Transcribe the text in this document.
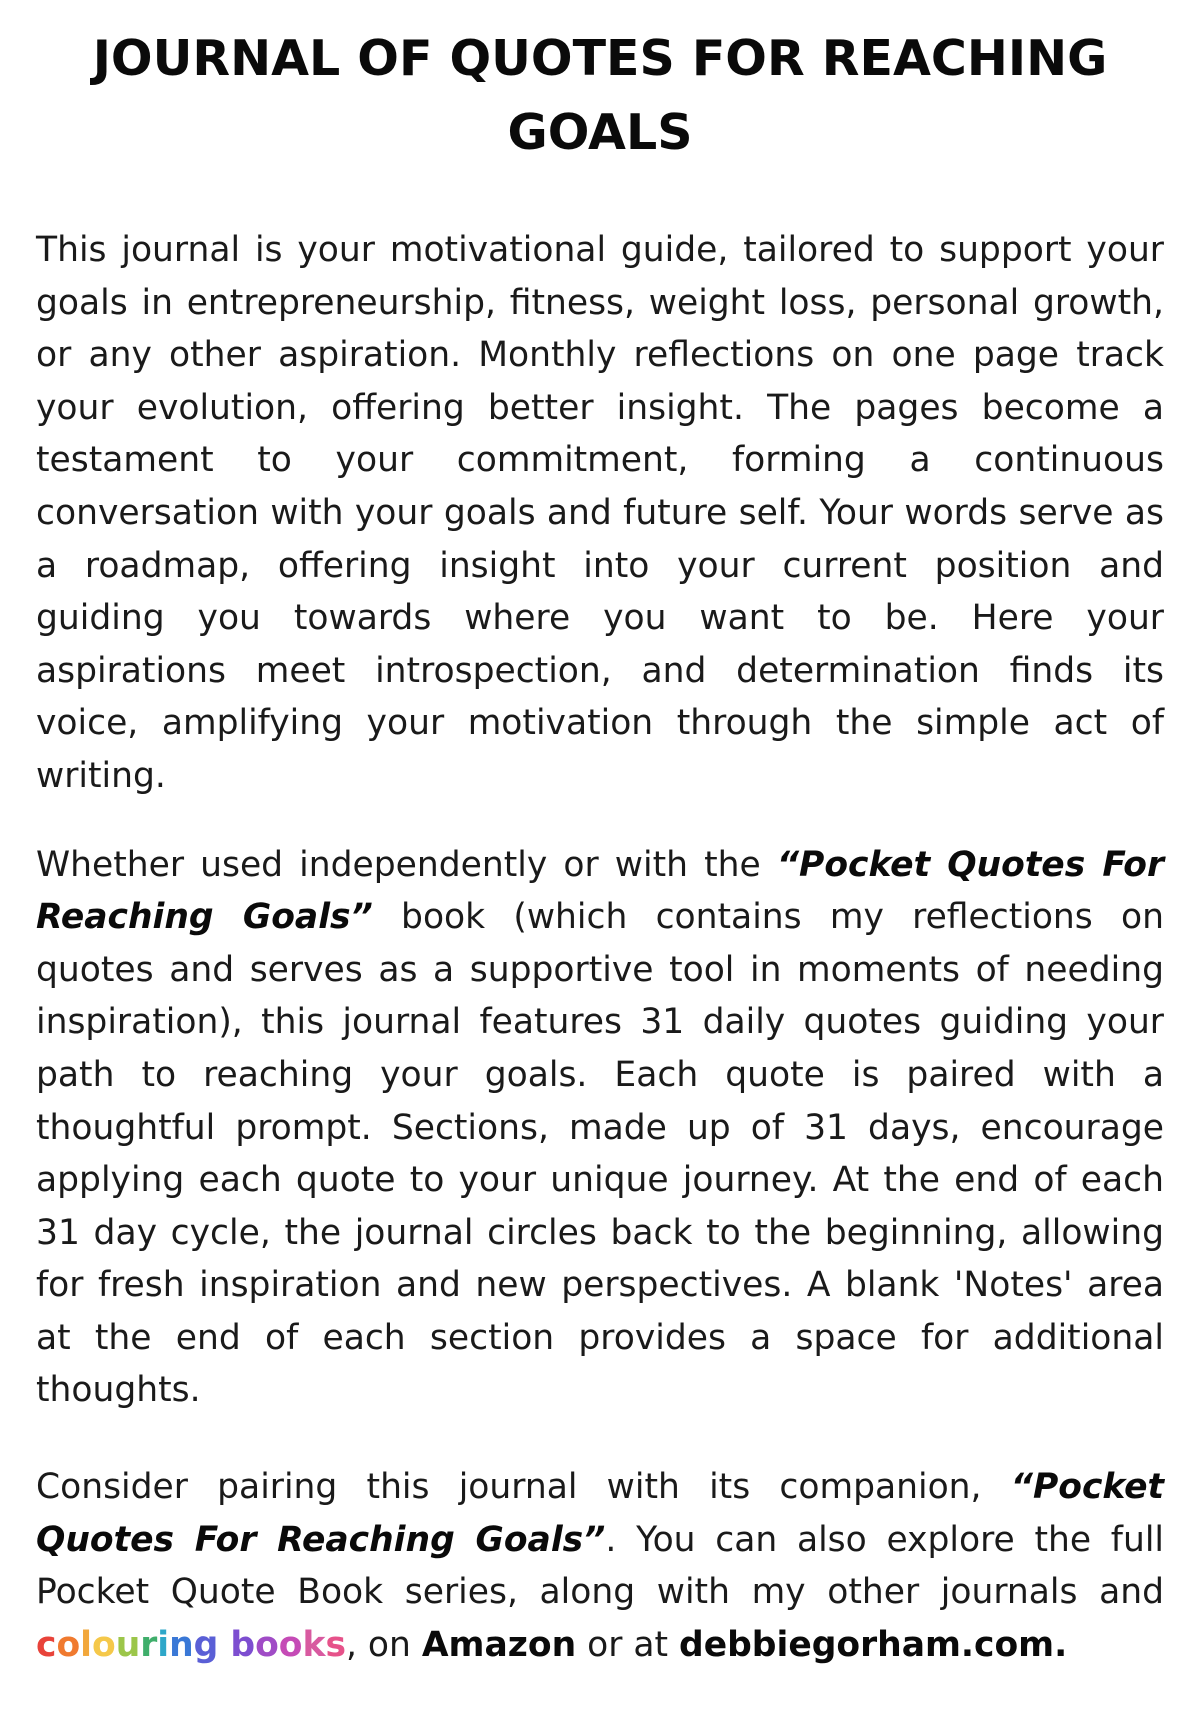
JOURNAL OF QUOTES FOR REACHING GOALS

This journal is your motivational guide, tailored to support your goals in entrepreneurship, fitness, weight loss, personal growth, or any other aspiration. Monthly reflections on one page track your evolution, offering better insight. The pages become a testament to your commitment, forming a continuous conversation with your goals and future self. Your words serve as a roadmap, offering insight into your current position and guiding you towards where you want to be. Here your aspirations meet introspection, and determination finds its voice, amplifying your motivation through the simple act of writing.

Whether used independently or with the “Pocket Quotes For Reaching Goals” book (which contains my reflections on quotes and serves as a supportive tool in moments of needing inspiration), this journal features 31 daily quotes guiding your path to reaching your goals. Each quote is paired with a thoughtful prompt. Sections, made up of 31 days, encourage applying each quote to your unique journey. At the end of each 31 day cycle, the journal circles back to the beginning, allowing for fresh inspiration and new perspectives. A blank 'Notes' area at the end of each section provides a space for additional thoughts.

Consider pairing this journal with its companion, “Pocket Quotes For Reaching Goals”. You can also explore the full Pocket Quote Book series, along with my other journals and colouring books, on Amazon or at debbiegorham.com.
